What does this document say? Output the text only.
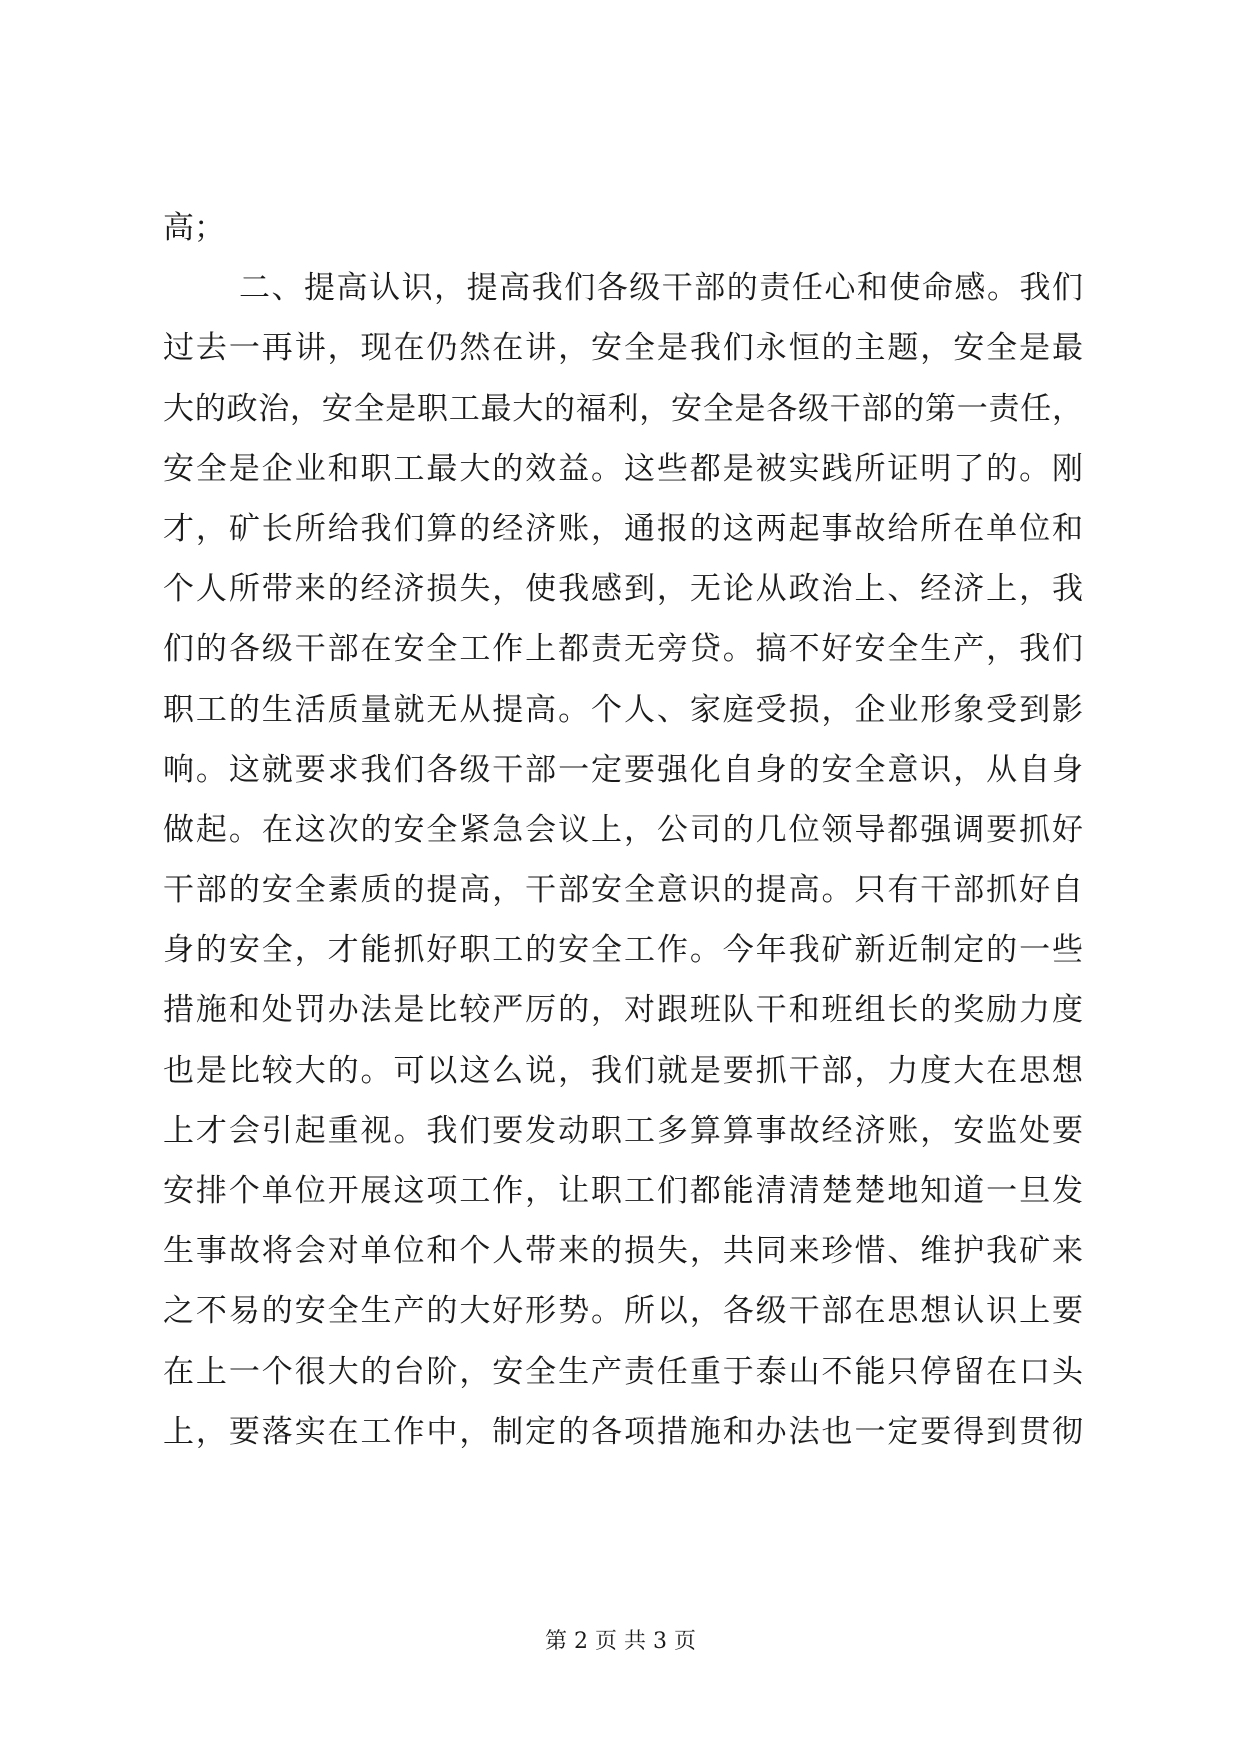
高；
二、提高认识，提高我们各级干部的责任心和使命感。我们
过去一再讲，现在仍然在讲，安全是我们永恒的主题，安全是最
大的政治，安全是职工最大的福利，安全是各级干部的第一责任，
安全是企业和职工最大的效益。这些都是被实践所证明了的。刚
才，矿长所给我们算的经济账，通报的这两起事故给所在单位和
个人所带来的经济损失，使我感到，无论从政治上、经济上，我
们的各级干部在安全工作上都责无旁贷。搞不好安全生产，我们
职工的生活质量就无从提高。个人、家庭受损，企业形象受到影
响。这就要求我们各级干部一定要强化自身的安全意识，从自身
做起。在这次的安全紧急会议上，公司的几位领导都强调要抓好
干部的安全素质的提高，干部安全意识的提高。只有干部抓好自
身的安全，才能抓好职工的安全工作。今年我矿新近制定的一些
措施和处罚办法是比较严厉的，对跟班队干和班组长的奖励力度
也是比较大的。可以这么说，我们就是要抓干部，力度大在思想
上才会引起重视。我们要发动职工多算算事故经济账，安监处要
安排个单位开展这项工作，让职工们都能清清楚楚地知道一旦发
生事故将会对单位和个人带来的损失，共同来珍惜、维护我矿来
之不易的安全生产的大好形势。所以，各级干部在思想认识上要
在上一个很大的台阶，安全生产责任重于泰山不能只停留在口头
上，要落实在工作中，制定的各项措施和办法也一定要得到贯彻
第 2 页 共 3 页
